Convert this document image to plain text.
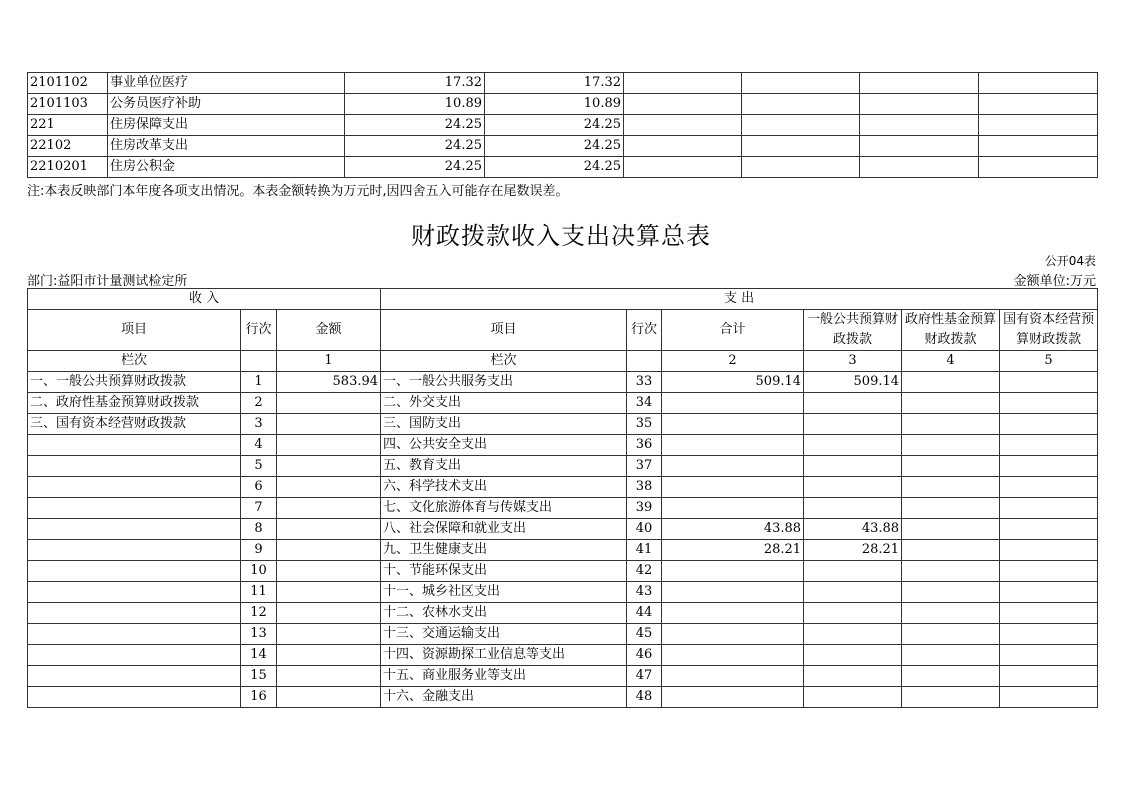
2101102	事业单位医疗	17.32	17.32				
2101103	公务员医疗补助	10.89	10.89				
221	住房保障支出	24.25	24.25				
22102	住房改革支出	24.25	24.25				
2210201	住房公积金	24.25	24.25				
注:本表反映部门本年度各项支出情况。本表金额转换为万元时,因四舍五入可能存在尾数误差。
财政拨款收入支出决算总表
公开04表
部门:益阳市计量测试检定所	金额单位:万元
收 入			支 出					
项目	行次	金额	项目	行次	合计	一般公共预算财政拨款	政府性基金预算财政拨款	国有资本经营预算财政拨款
栏次		1	栏次		2	3	4	5
一、一般公共预算财政拨款	1	583.94	一、一般公共服务支出	33	509.14	509.14		
二、政府性基金预算财政拨款	2		二、外交支出	34				
三、国有资本经营财政拨款	3		三、国防支出	35				
	4		四、公共安全支出	36				
	5		五、教育支出	37				
	6		六、科学技术支出	38				
	7		七、文化旅游体育与传媒支出	39				
	8		八、社会保障和就业支出	40	43.88	43.88		
	9		九、卫生健康支出	41	28.21	28.21		
	10		十、节能环保支出	42				
	11		十一、城乡社区支出	43				
	12		十二、农林水支出	44				
	13		十三、交通运输支出	45				
	14		十四、资源勘探工业信息等支出	46				
	15		十五、商业服务业等支出	47				
	16		十六、金融支出	48				
